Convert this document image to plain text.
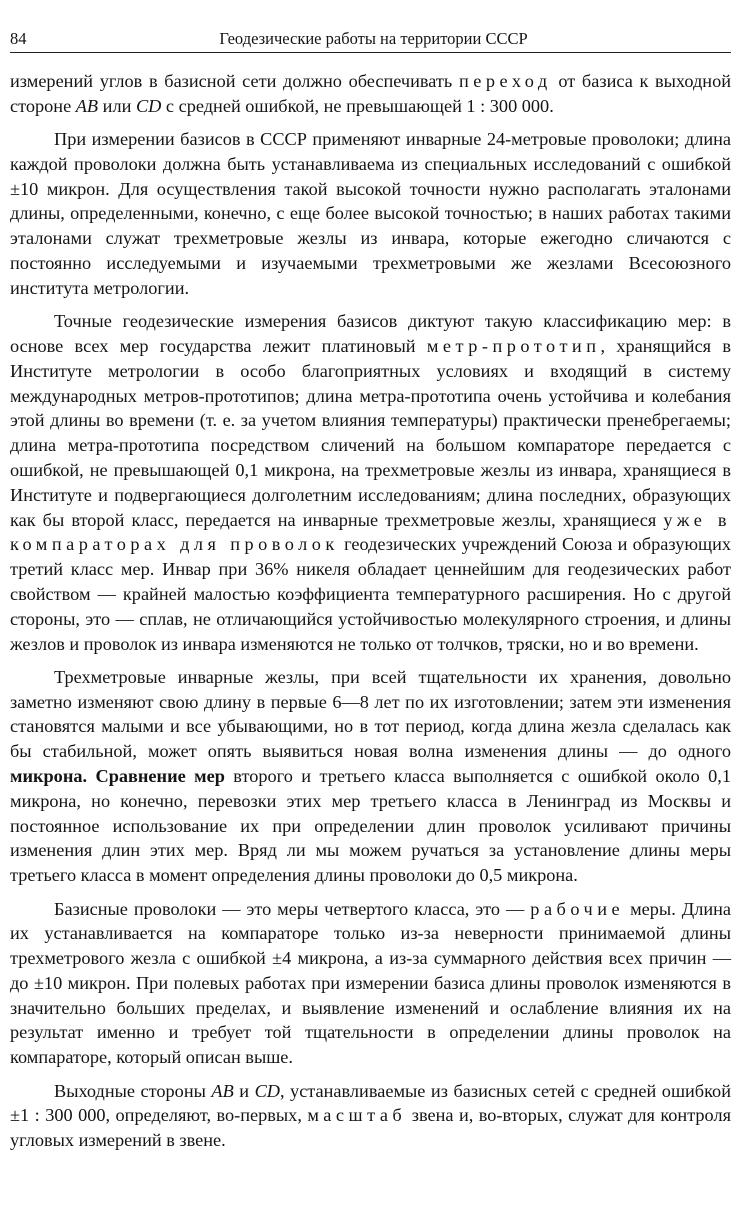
84	Геодезические работы на территории СССР

измерений углов в базисной сети должно обеспечивать переход от базиса к выходной стороне AB или CD с средней ошибкой, не превышающей 1 : 300 000.

При измерении базисов в СССР применяют инварные 24-метровые проволоки; длина каждой проволоки должна быть устанавливаема из специальных исследований с ошибкой ±10 микрон. Для осуществления такой высокой точности нужно располагать эталонами длины, определенными, конечно, с еще более высокой точностью; в наших работах такими эталонами служат трехметровые жезлы из инвара, которые ежегодно сличаются с постоянно исследуемыми и изучаемыми трехметровыми же жезлами Всесоюзного института метрологии.

Точные геодезические измерения базисов диктуют такую классификацию мер: в основе всех мер государства лежит платиновый метр-прототип, хранящийся в Институте метрологии в особо благоприятных условиях и входящий в систему международных метров-прототипов; длина метра-прототипа очень устойчива и колебания этой длины во времени (т. е. за учетом влияния температуры) практически пренебрегаемы; длина метра-прототипа посредством сличений на большом компараторе передается с ошибкой, не превышающей 0,1 микрона, на трехметровые жезлы из инвара, хранящиеся в Институте и подвергающиеся долголетним исследованиям; длина последних, образующих как бы второй класс, передается на инварные трехметровые жезлы, хранящиеся уже в компараторах для проволок геодезических учреждений Союза и образующих третий класс мер. Инвар при 36% никеля обладает ценнейшим для геодезических работ свойством — крайней малостью коэффициента температурного расширения. Но с другой стороны, это — сплав, не отличающийся устойчивостью молекулярного строения, и длины жезлов и проволок из инвара изменяются не только от толчков, тряски, но и во времени.

Трехметровые инварные жезлы, при всей тщательности их хранения, довольно заметно изменяют свою длину в первые 6—8 лет по их изготовлении; затем эти изменения становятся малыми и все убывающими, но в тот период, когда длина жезла сделалась как бы стабильной, может опять выявиться новая волна изменения длины — до одного микрона. Сравнение мер второго и третьего класса выполняется с ошибкой около 0,1 микрона, но конечно, перевозки этих мер третьего класса в Ленинград из Москвы и постоянное использование их при определении длин проволок усиливают причины изменения длин этих мер. Вряд ли мы можем ручаться за установление длины меры третьего класса в момент определения длины проволоки до 0,5 микрона.

Базисные проволоки — это меры четвертого класса, это — рабочие меры. Длина их устанавливается на компараторе только из-за неверности принимаемой длины трехметрового жезла с ошибкой ±4 микрона, а из-за суммарного действия всех причин — до ±10 микрон. При полевых работах при измерении базиса длины проволок изменяются в значительно больших пределах, и выявление изменений и ослабление влияния их на результат именно и требует той тщательности в определении длины проволок на компараторе, который описан выше.

Выходные стороны AB и CD, устанавливаемые из базисных сетей с средней ошибкой ±1 : 300 000, определяют, во-первых, масштаб звена и, во-вторых, служат для контроля угловых измерений в звене.
